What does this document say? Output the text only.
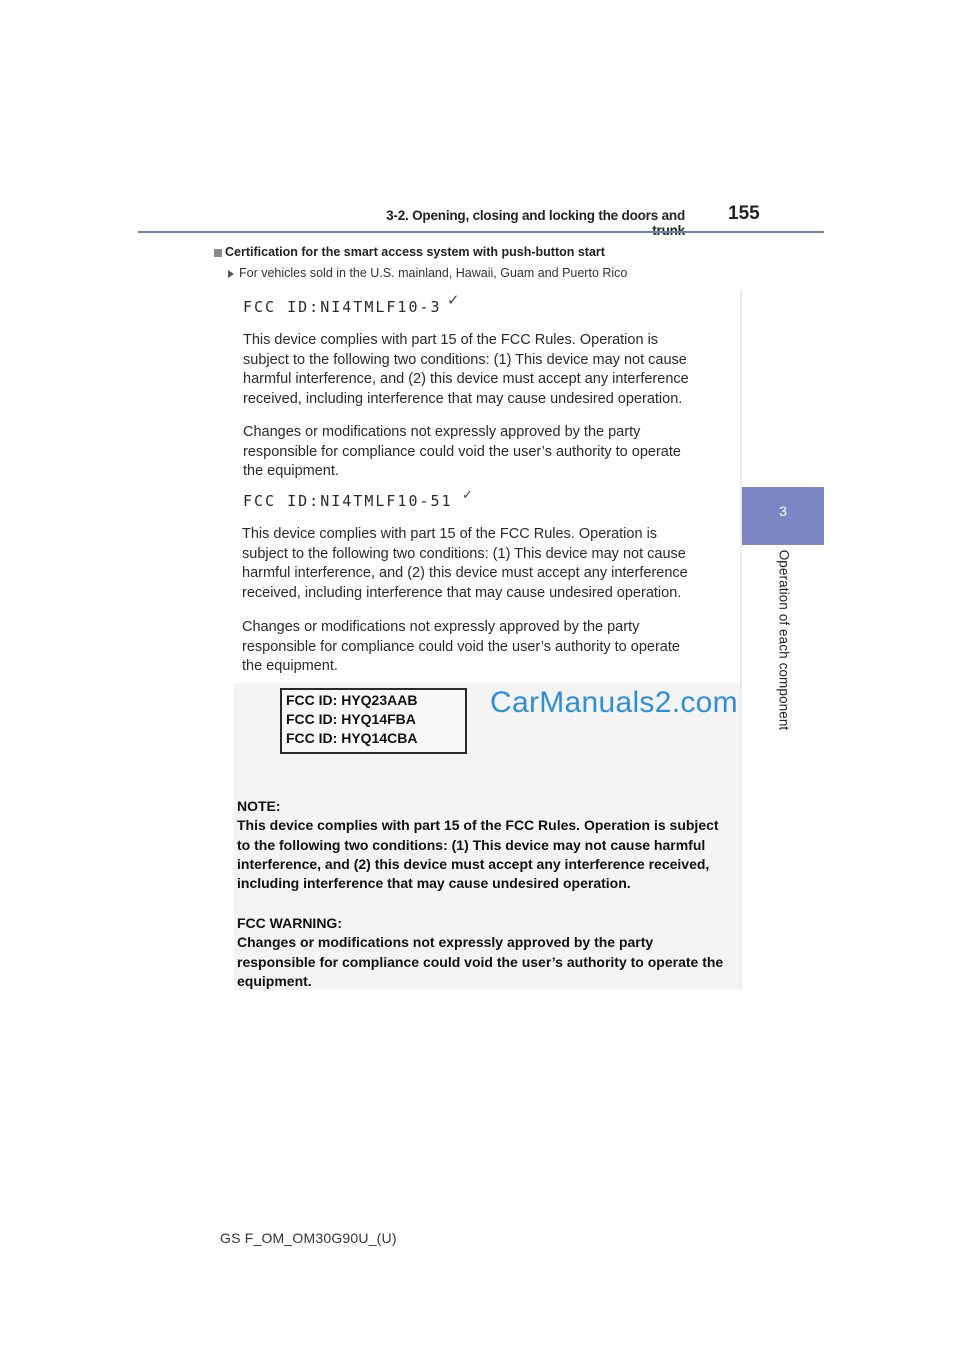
3-2. Opening, closing and locking the doors and 155
3
Operation of each component
Certification for the smart access system with push-button start
For vehicles sold in the U.S. mainland, Hawaii, Guam and Puerto Rico
FCC ID:NI4TMLF10-3 ✓
This device complies with part 15 of the FCC Rules. Operation is
subject to the following two conditions: (1) This device may not cause
harmful interference, and (2) this device must accept any interference
received, including interference that may cause undesired operation.
Changes or modifications not expressly approved by the party
responsible for compliance could void the user’s authority to operate
the equipment.
FCC ID:NI4TMLF10-51 ✓
This device complies with part 15 of the FCC Rules. Operation is
subject to the following two conditions: (1) This device may not cause
harmful interference, and (2) this device must accept any interference
received, including interference that may cause undesired operation.
Changes or modifications not expressly approved by the party
responsible for compliance could void the user’s authority to operate
the equipment.
FCC ID: HYQ23AAB
FCC ID: HYQ14FBA
FCC ID: HYQ14CBA
CarManuals2.com
NOTE:
This device complies with part 15 of the FCC Rules. Operation is subject
to the following two conditions: (1) This device may not cause harmful
interference, and (2) this device must accept any interference received,
including interference that may cause undesired operation.
FCC WARNING:
Changes or modifications not expressly approved by the party
responsible for compliance could void the user’s authority to operate the
equipment.
GS F_OM_OM30G90U_(U)
